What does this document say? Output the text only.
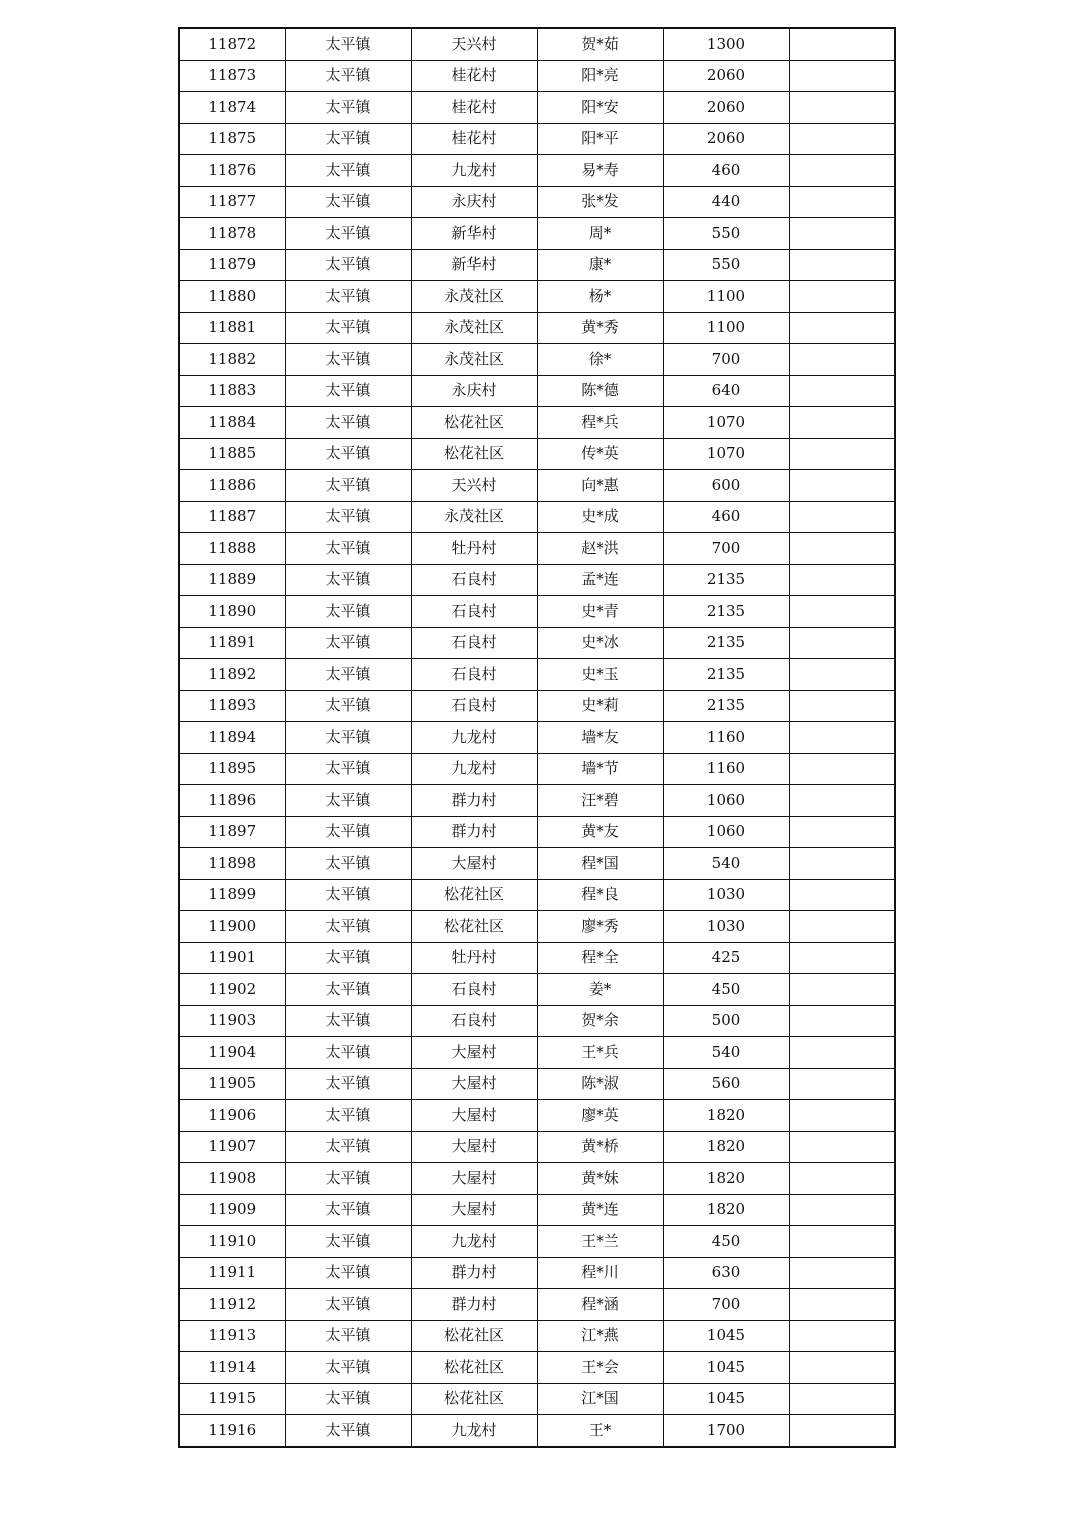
11872	太平镇	天兴村	贺*茹	1300	
11873	太平镇	桂花村	阳*亮	2060	
11874	太平镇	桂花村	阳*安	2060	
11875	太平镇	桂花村	阳*平	2060	
11876	太平镇	九龙村	易*寿	460	
11877	太平镇	永庆村	张*发	440	
11878	太平镇	新华村	周*	550	
11879	太平镇	新华村	康*	550	
11880	太平镇	永茂社区	杨*	1100	
11881	太平镇	永茂社区	黄*秀	1100	
11882	太平镇	永茂社区	徐*	700	
11883	太平镇	永庆村	陈*德	640	
11884	太平镇	松花社区	程*兵	1070	
11885	太平镇	松花社区	传*英	1070	
11886	太平镇	天兴村	向*惠	600	
11887	太平镇	永茂社区	史*成	460	
11888	太平镇	牡丹村	赵*洪	700	
11889	太平镇	石良村	孟*连	2135	
11890	太平镇	石良村	史*青	2135	
11891	太平镇	石良村	史*冰	2135	
11892	太平镇	石良村	史*玉	2135	
11893	太平镇	石良村	史*莉	2135	
11894	太平镇	九龙村	墙*友	1160	
11895	太平镇	九龙村	墙*节	1160	
11896	太平镇	群力村	汪*碧	1060	
11897	太平镇	群力村	黄*友	1060	
11898	太平镇	大屋村	程*国	540	
11899	太平镇	松花社区	程*良	1030	
11900	太平镇	松花社区	廖*秀	1030	
11901	太平镇	牡丹村	程*全	425	
11902	太平镇	石良村	姜*	450	
11903	太平镇	石良村	贺*余	500	
11904	太平镇	大屋村	王*兵	540	
11905	太平镇	大屋村	陈*淑	560	
11906	太平镇	大屋村	廖*英	1820	
11907	太平镇	大屋村	黄*桥	1820	
11908	太平镇	大屋村	黄*妹	1820	
11909	太平镇	大屋村	黄*连	1820	
11910	太平镇	九龙村	王*兰	450	
11911	太平镇	群力村	程*川	630	
11912	太平镇	群力村	程*涵	700	
11913	太平镇	松花社区	江*燕	1045	
11914	太平镇	松花社区	王*会	1045	
11915	太平镇	松花社区	江*国	1045	
11916	太平镇	九龙村	王*	1700	
